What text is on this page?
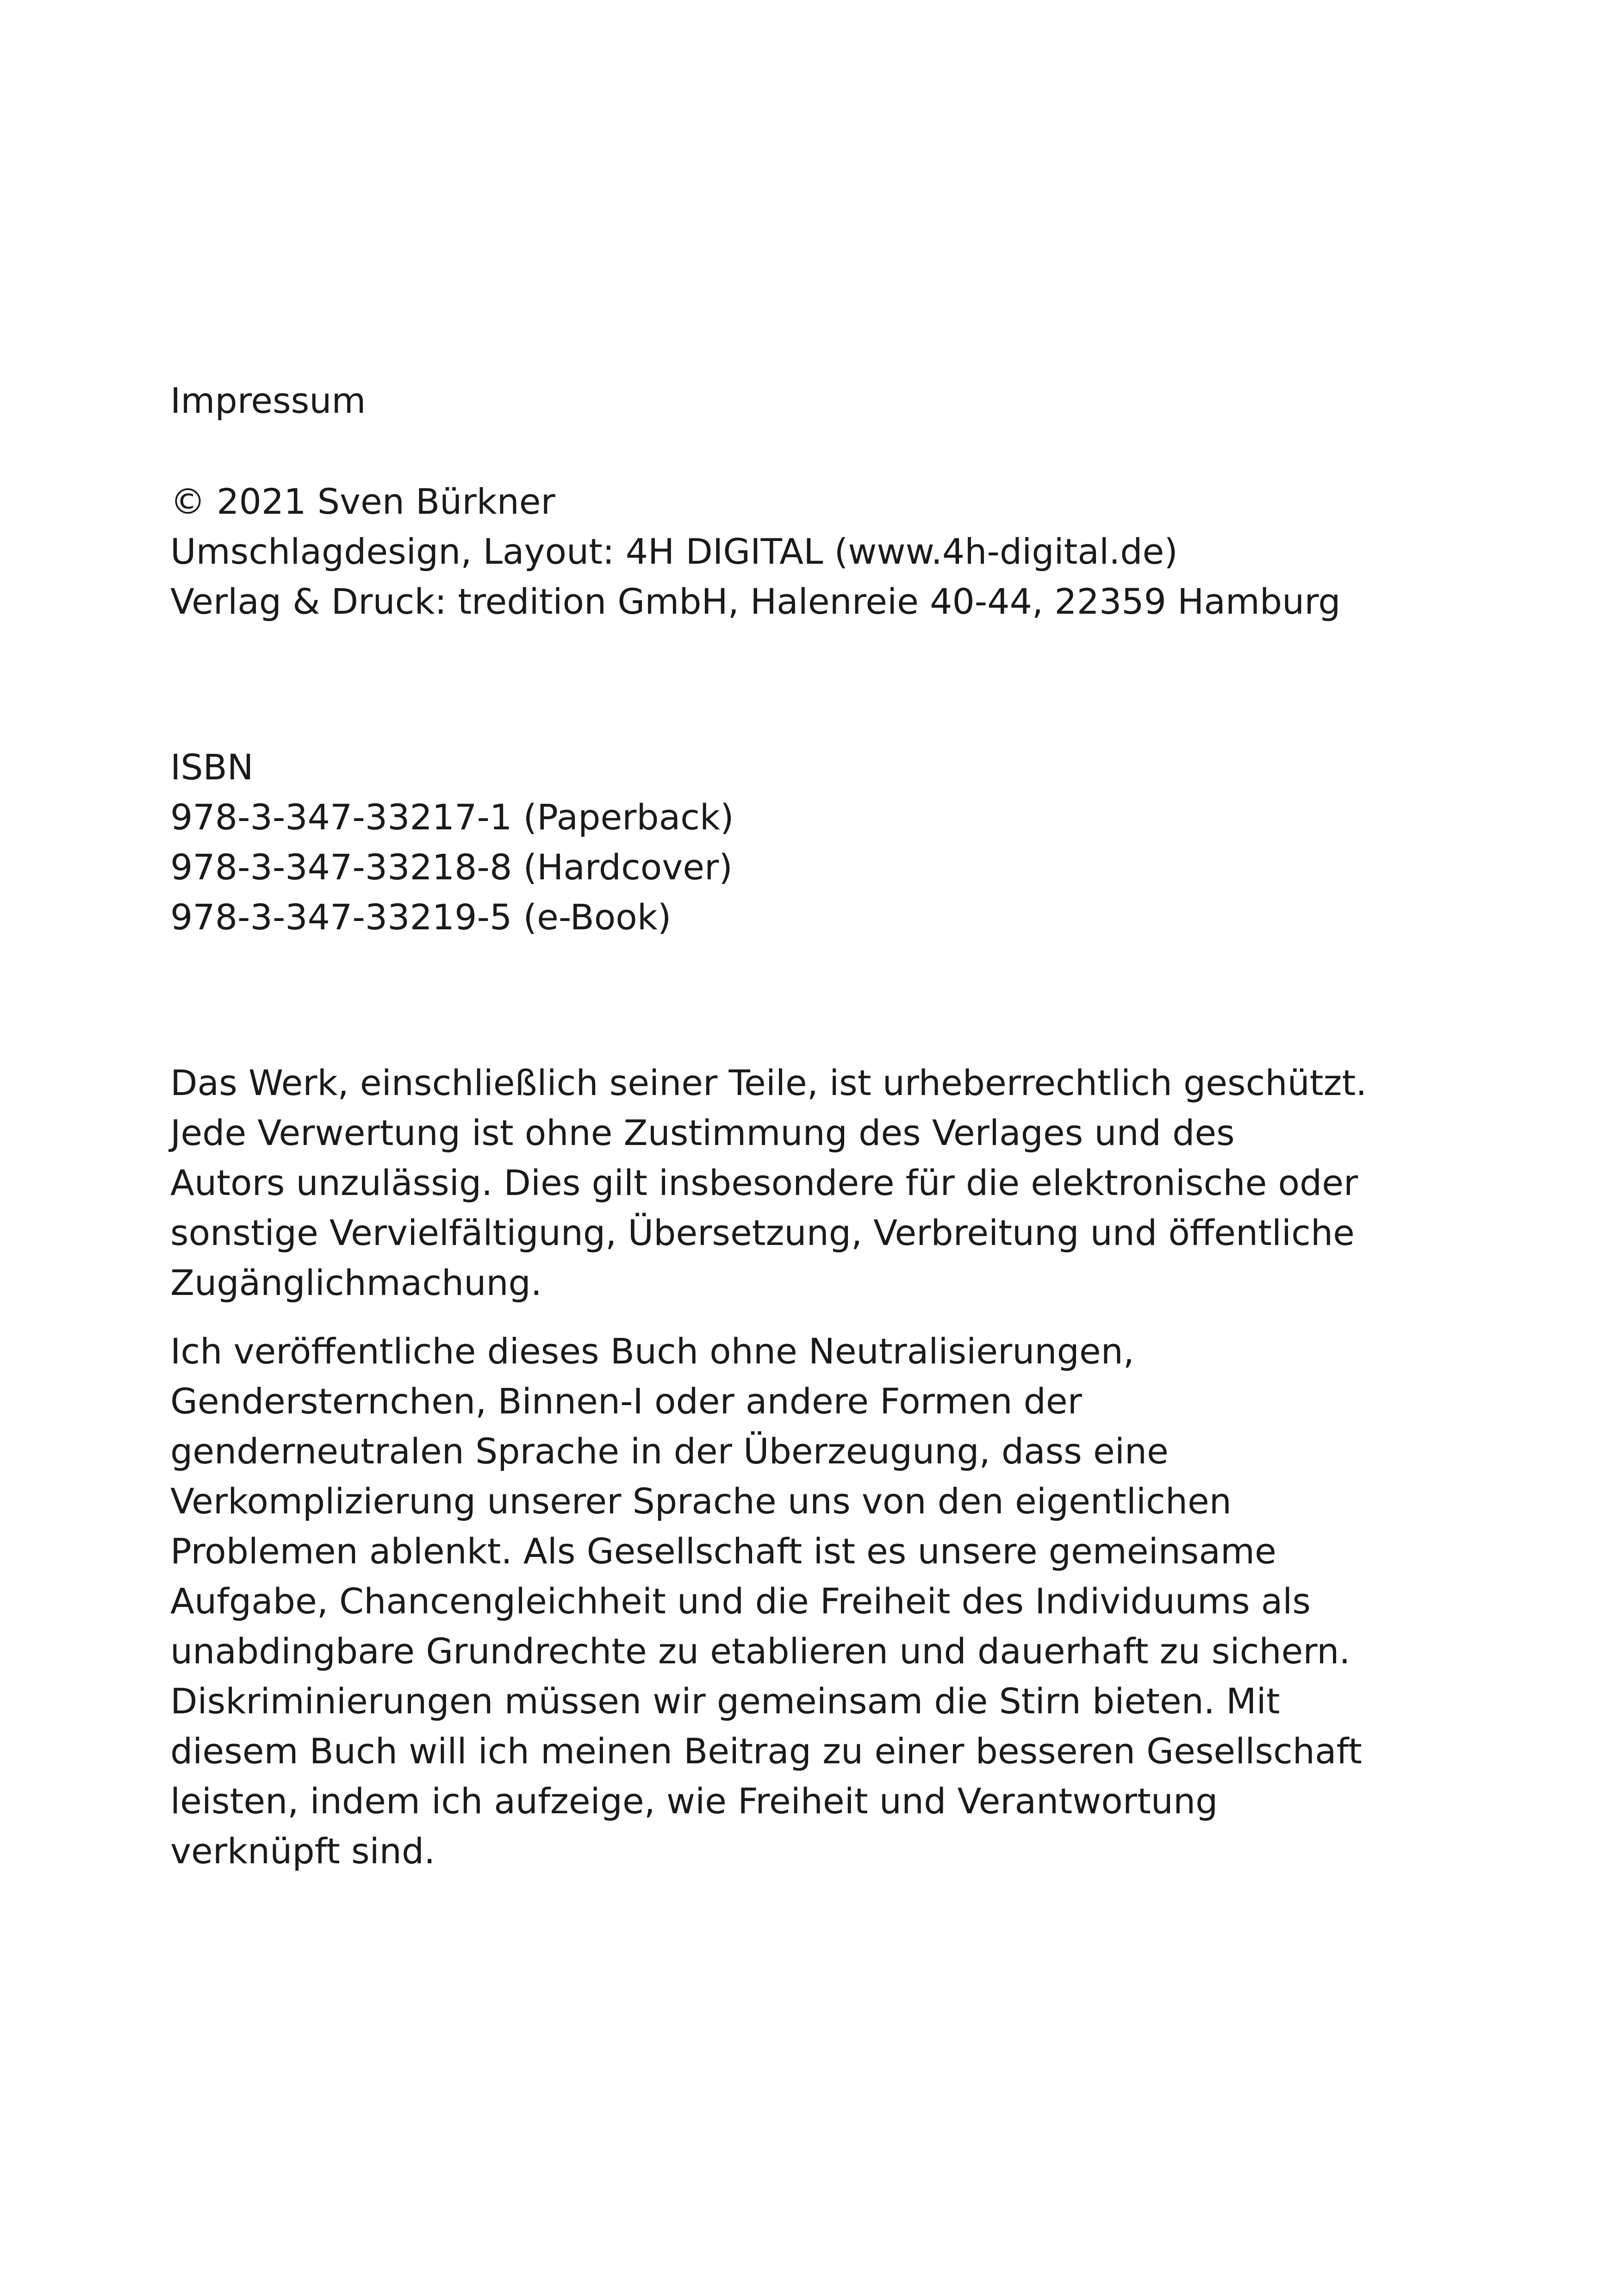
Impressum

© 2021 Sven Bürkner

Umschlagdesign, Layout: 4H DIGITAL (www.4h-digital.de)

Verlag & Druck: tredition GmbH, Halenreie 40-44, 22359 Hamburg

ISBN

978-3-347-33217-1 (Paperback)

978-3-347-33218-8 (Hardcover)

978-3-347-33219-5 (e-Book)

Das Werk, einschließlich seiner Teile, ist urheberrechtlich geschützt.

Jede Verwertung ist ohne Zustimmung des Verlages und des

Autors unzulässig. Dies gilt insbesondere für die elektronische oder

sonstige Vervielfältigung, Übersetzung, Verbreitung und öffentliche

Zugänglichmachung.

Ich veröffentliche dieses Buch ohne Neutralisierungen,

Gendersternchen, Binnen-I oder andere Formen der

genderneutralen Sprache in der Überzeugung, dass eine

Verkomplizierung unserer Sprache uns von den eigentlichen

Problemen ablenkt. Als Gesellschaft ist es unsere gemeinsame

Aufgabe, Chancengleichheit und die Freiheit des Individuums als

unabdingbare Grundrechte zu etablieren und dauerhaft zu sichern.

Diskriminierungen müssen wir gemeinsam die Stirn bieten. Mit

diesem Buch will ich meinen Beitrag zu einer besseren Gesellschaft

leisten, indem ich aufzeige, wie Freiheit und Verantwortung

verknüpft sind.
